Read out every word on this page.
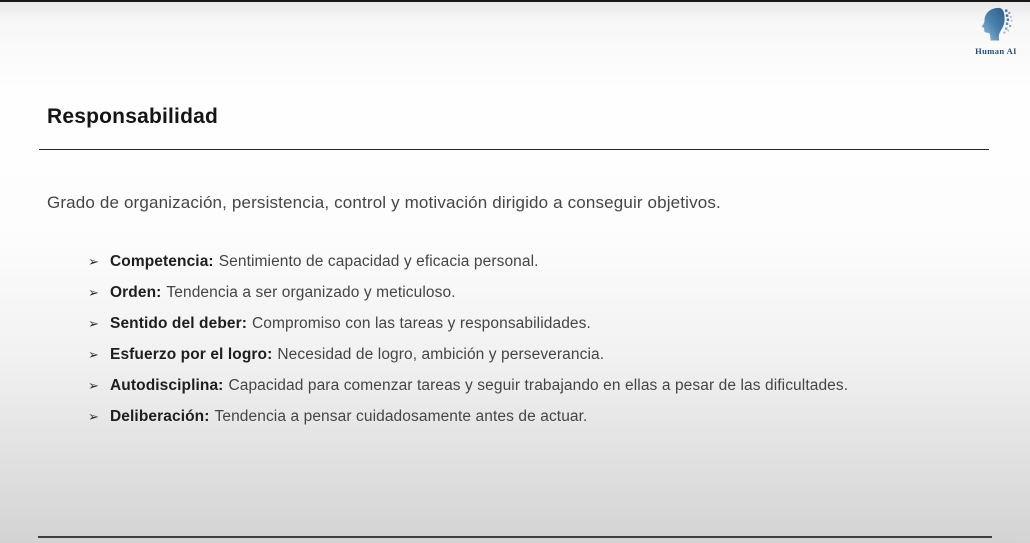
Human AI
Responsabilidad
Grado de organización, persistencia, control y motivación dirigido a conseguir objetivos.
➢ Competencia: Sentimiento de capacidad y eficacia personal.
➢ Orden: Tendencia a ser organizado y meticuloso.
➢ Sentido del deber: Compromiso con las tareas y responsabilidades.
➢ Esfuerzo por el logro: Necesidad de logro, ambición y perseverancia.
➢ Autodisciplina: Capacidad para comenzar tareas y seguir trabajando en ellas a pesar de las dificultades.
➢ Deliberación: Tendencia a pensar cuidadosamente antes de actuar.
